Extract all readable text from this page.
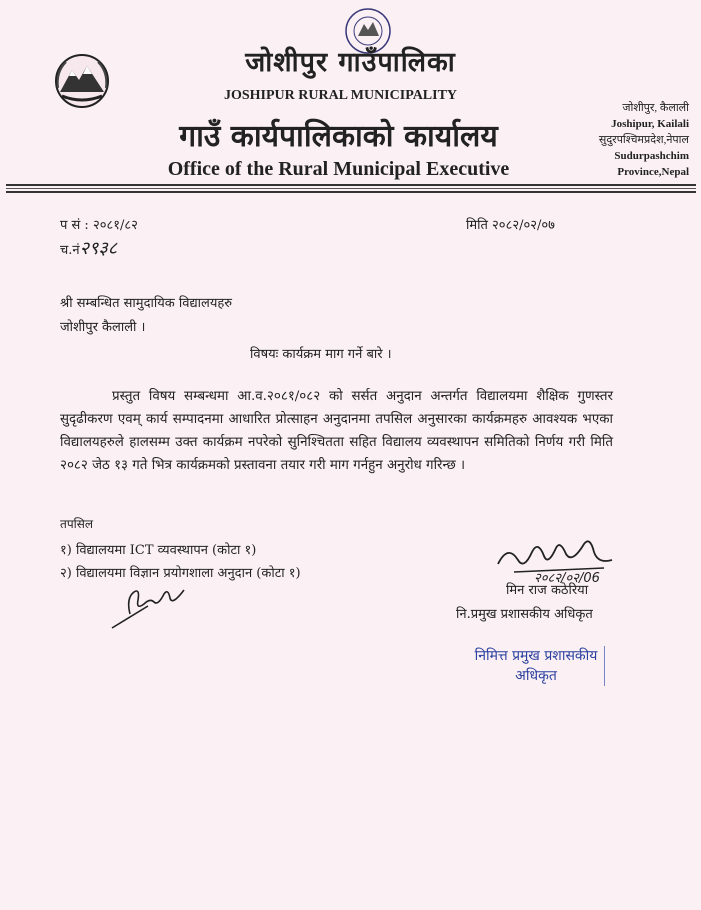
जोशीपुर गाउँपालिका
JOSHIPUR RURAL MUNICIPALITY
गाउँ कार्यपालिकाको कार्यालय
Office of the Rural Municipal Executive
जोशीपुर, कैलाली
Joshipur, Kailali
सुदुरपश्चिमप्रदेश,नेपाल
Sudurpashchim
Province,Nepal
प सं : २०८१/८२
च.नं२९३८
मिति २०८२/०२/०७
श्री सम्बन्धित सामुदायिक विद्यालयहरु
जोशीपुर कैलाली ।
विषयः कार्यक्रम माग गर्ने बारे ।
प्रस्तुत विषय सम्बन्धमा आ.व.२०८१/०८२ को सर्सत अनुदान अन्तर्गत विद्यालयमा शैक्षिक गुणस्तर सुदृढीकरण एवम् कार्य सम्पादनमा आधारित प्रोत्साहन अनुदानमा तपसिल अनुसारका कार्यक्रमहरु आवश्यक भएका विद्यालयहरुले हालसम्म उक्त कार्यक्रम नपरेको सुनिश्चितता सहित विद्यालय व्यवस्थापन समितिको निर्णय गरी मिति २०८२ जेठ १३ गते भित्र कार्यक्रमको प्रस्तावना तयार गरी माग गर्नहुन अनुरोध गरिन्छ ।
तपसिल
१) विद्यालयमा ICT व्यवस्थापन (कोटा १)
२) विद्यालयमा विज्ञान प्रयोगशाला अनुदान (कोटा १)	२०८२/०२/06
मिन राज कठेरिया
नि.प्रमुख प्रशासकीय अधिकृत
निमित्त प्रमुख प्रशासकीय
अधिकृत
